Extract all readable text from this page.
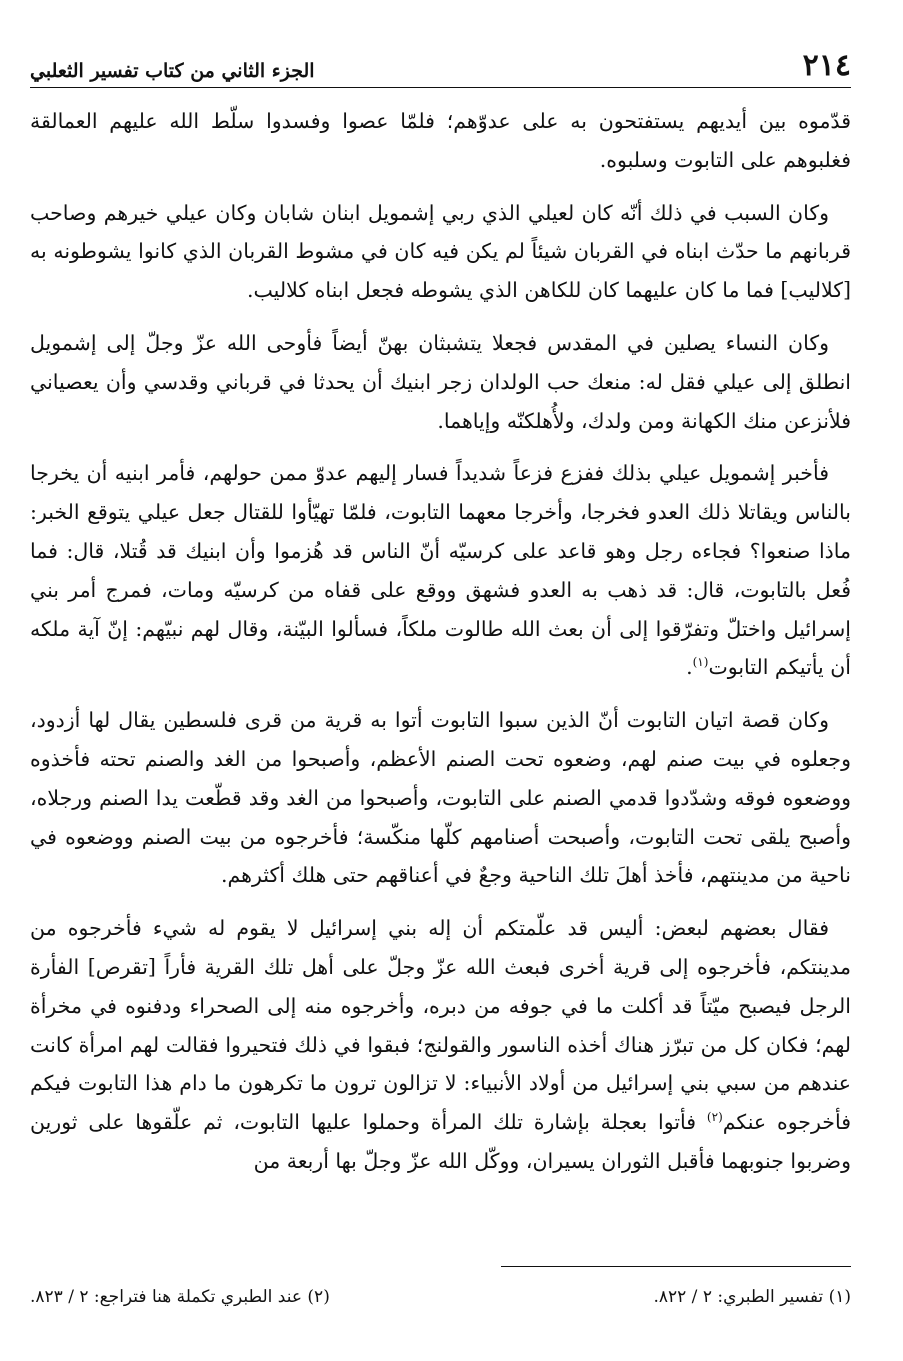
٢١٤
الجزء الثاني من كتاب تفسير الثعلبي

قدّموه بين أيديهم يستفتحون به على عدوّهم؛ فلمّا عصوا وفسدوا سلّط الله عليهم العمالقة فغلبوهم على التابوت وسلبوه.

وكان السبب في ذلك أنّه كان لعيلي الذي ربي إشمويل ابنان شابان وكان عيلي خيرهم وصاحب قربانهم ما حدّث ابناه في القربان شيئاً لم يكن فيه كان في مشوط القربان الذي كانوا يشوطونه به [كلاليب] فما ما كان عليهما كان للكاهن الذي يشوطه فجعل ابناه كلاليب.

وكان النساء يصلين في المقدس فجعلا يتشبثان بهنّ أيضاً فأوحى الله عزّ وجلّ إلى إشمويل انطلق إلى عيلي فقل له: منعك حب الولدان زجر ابنيك أن يحدثا في قرباني وقدسي وأن يعصياني فلأنزعن منك الكهانة ومن ولدك، ولأُهلكنّه وإياهما.

فأخبر إشمويل عيلي بذلك ففزع فزعاً شديداً فسار إليهم عدوّ ممن حولهم، فأمر ابنيه أن يخرجا بالناس ويقاتلا ذلك العدو فخرجا، وأخرجا معهما التابوت، فلمّا تهيّأوا للقتال جعل عيلي يتوقع الخبر: ماذا صنعوا؟ فجاءه رجل وهو قاعد على كرسيّه أنّ الناس قد هُزموا وأن ابنيك قد قُتلا، قال: فما فُعل بالتابوت، قال: قد ذهب به العدو فشهق ووقع على قفاه من كرسيّه ومات، فمرج أمر بني إسرائيل واختلّ وتفرّقوا إلى أن بعث الله طالوت ملكاً، فسألوا البيّنة، وقال لهم نبيّهم: إنّ آية ملكه أن يأتيكم التابوت$^{(١)}$.

وكان قصة اتيان التابوت أنّ الذين سبوا التابوت أتوا به قرية من قرى فلسطين يقال لها أزدود، وجعلوه في بيت صنم لهم، وضعوه تحت الصنم الأعظم، وأصبحوا من الغد والصنم تحته فأخذوه ووضعوه فوقه وشدّدوا قدمي الصنم على التابوت، وأصبحوا من الغد وقد قطّعت يدا الصنم ورجلاه، وأصبح يلقى تحت التابوت، وأصبحت أصنامهم كلّها منكّسة؛ فأخرجوه من بيت الصنم ووضعوه في ناحية من مدينتهم، فأخذ أهلَ تلك الناحية وجعٌ في أعناقهم حتى هلك أكثرهم.

فقال بعضهم لبعض: أليس قد علّمتكم أن إله بني إسرائيل لا يقوم له شيء فأخرجوه من مدينتكم، فأخرجوه إلى قرية أخرى فبعث الله عزّ وجلّ على أهل تلك القرية فأراً [تقرص] الفأرة الرجل فيصبح ميّتاً قد أكلت ما في جوفه من دبره، وأخرجوه منه إلى الصحراء ودفنوه في مخرأة لهم؛ فكان كل من تبرّز هناك أخذه الناسور والقولنج؛ فبقوا في ذلك فتحيروا فقالت لهم امرأة كانت عندهم من سبي بني إسرائيل من أولاد الأنبياء: لا تزالون ترون ما تكرهون ما دام هذا التابوت فيكم فأخرجوه عنكم$^{(٢)}$ فأتوا بعجلة بإشارة تلك المرأة وحملوا عليها التابوت، ثم علّقوها على ثورين وضربوا جنوبهما فأقبل الثوران يسيران، ووكّل الله عزّ وجلّ بها أربعة من

(١) تفسير الطبري: ٢ / ٨٢٢.
(٢) عند الطبري تكملة هنا فتراجع: ٢ / ٨٢٣.
